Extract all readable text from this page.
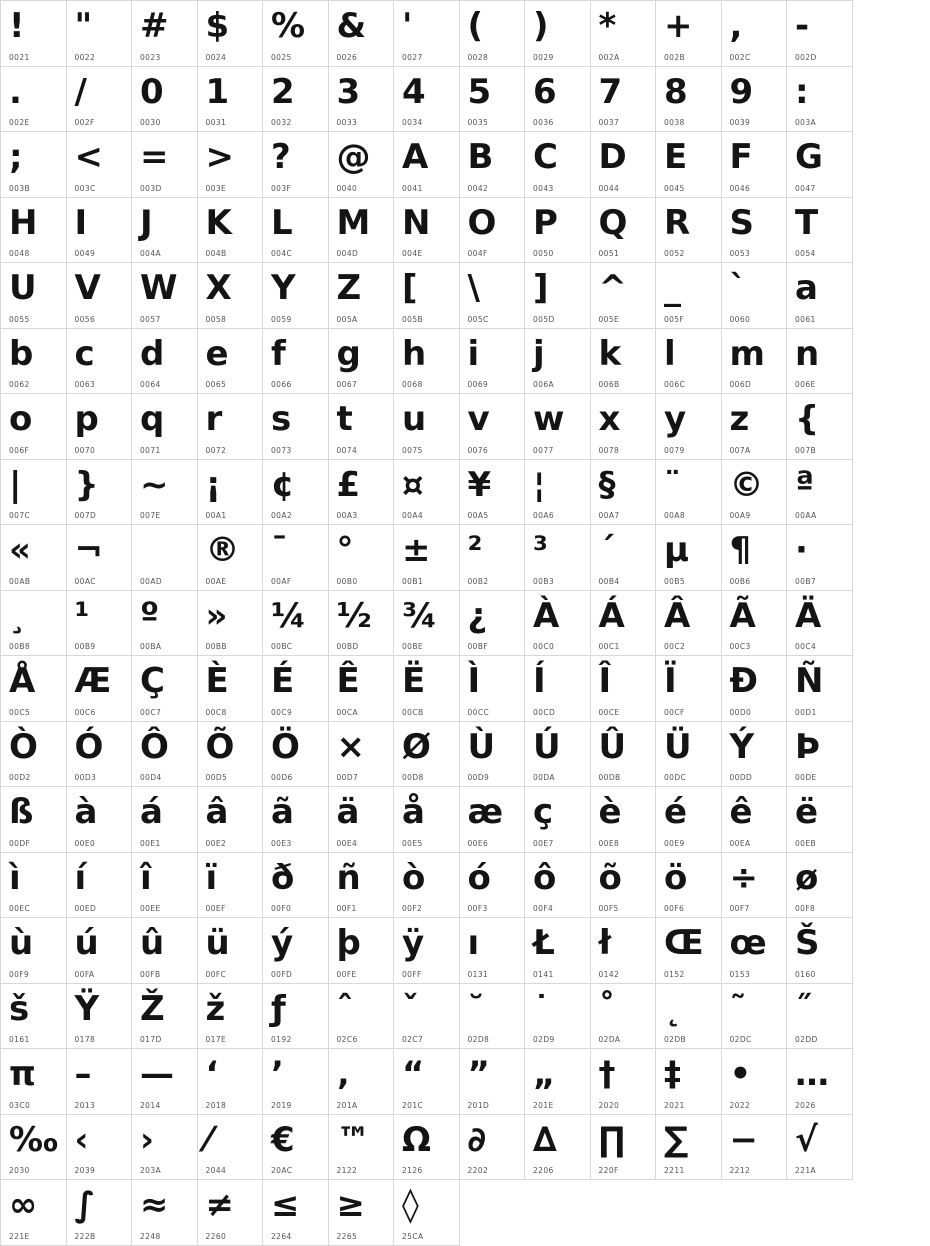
!
0021
"
0022
#
0023
$
0024
%
0025
&
0026
'
0027
(
0028
)
0029
*
002A
+
002B
,
002C
-
002D
.
002E
/
002F
0
0030
1
0031
2
0032
3
0033
4
0034
5
0035
6
0036
7
0037
8
0038
9
0039
:
003A
;
003B
<
003C
=
003D
>
003E
?
003F
@
0040
A
0041
B
0042
C
0043
D
0044
E
0045
F
0046
G
0047
H
0048
I
0049
J
004A
K
004B
L
004C
M
004D
N
004E
O
004F
P
0050
Q
0051
R
0052
S
0053
T
0054
U
0055
V
0056
W
0057
X
0058
Y
0059
Z
005A
[
005B
\
005C
]
005D
^
005E
_
005F
`
0060
a
0061
b
0062
c
0063
d
0064
e
0065
f
0066
g
0067
h
0068
i
0069
j
006A
k
006B
l
006C
m
006D
n
006E
o
006F
p
0070
q
0071
r
0072
s
0073
t
0074
u
0075
v
0076
w
0077
x
0078
y
0079
z
007A
{
007B
|
007C
}
007D
~
007E
¡
00A1
¢
00A2
£
00A3
¤
00A4
¥
00A5
¦
00A6
§
00A7
¨
00A8
©
00A9
ª
00AA
«
00AB
¬
00AC	00AD
®
00AE
¯
00AF
°
00B0
±
00B1
²
00B2
³
00B3
´
00B4
µ
00B5
¶
00B6
·
00B7
¸
00B8
¹
00B9
º
00BA
»
00BB
¼
00BC
½
00BD
¾
00BE
¿
00BF
À
00C0
Á
00C1
Â
00C2
Ã
00C3
Ä
00C4
Å
00C5
Æ
00C6
Ç
00C7
È
00C8
É
00C9
Ê
00CA
Ë
00CB
Ì
00CC
Í
00CD
Î
00CE
Ï
00CF
Ð
00D0
Ñ
00D1
Ò
00D2
Ó
00D3
Ô
00D4
Õ
00D5
Ö
00D6
×
00D7
Ø
00D8
Ù
00D9
Ú
00DA
Û
00DB
Ü
00DC
Ý
00DD
Þ
00DE
ß
00DF
à
00E0
á
00E1
â
00E2
ã
00E3
ä
00E4
å
00E5
æ
00E6
ç
00E7
è
00E8
é
00E9
ê
00EA
ë
00EB
ì
00EC
í
00ED
î
00EE
ï
00EF
ð
00F0
ñ
00F1
ò
00F2
ó
00F3
ô
00F4
õ
00F5
ö
00F6
÷
00F7
ø
00F8
ù
00F9
ú
00FA
û
00FB
ü
00FC
ý
00FD
þ
00FE
ÿ
00FF
ı
0131
Ł
0141
ł
0142
Œ
0152
œ
0153
Š
0160
š
0161
Ÿ
0178
Ž
017D
ž
017E
ƒ
0192
ˆ
02C6
ˇ
02C7
˘
02D8
˙
02D9
˚
02DA
˛
02DB
˜
02DC
˝
02DD
π
03C0
–
2013
—
2014
‘
2018
’
2019
‚
201A
“
201C
”
201D
„
201E
†
2020
‡
2021
•
2022
…
2026
‰
2030
‹
2039
›
203A
⁄
2044
€
20AC
™
2122
Ω
2126
∂
2202
∆
2206
∏
220F
∑
2211
−
2212
√
221A
∞
221E
∫
222B
≈
2248
≠
2260
≤
2264
≥
2265
◊
25CA
